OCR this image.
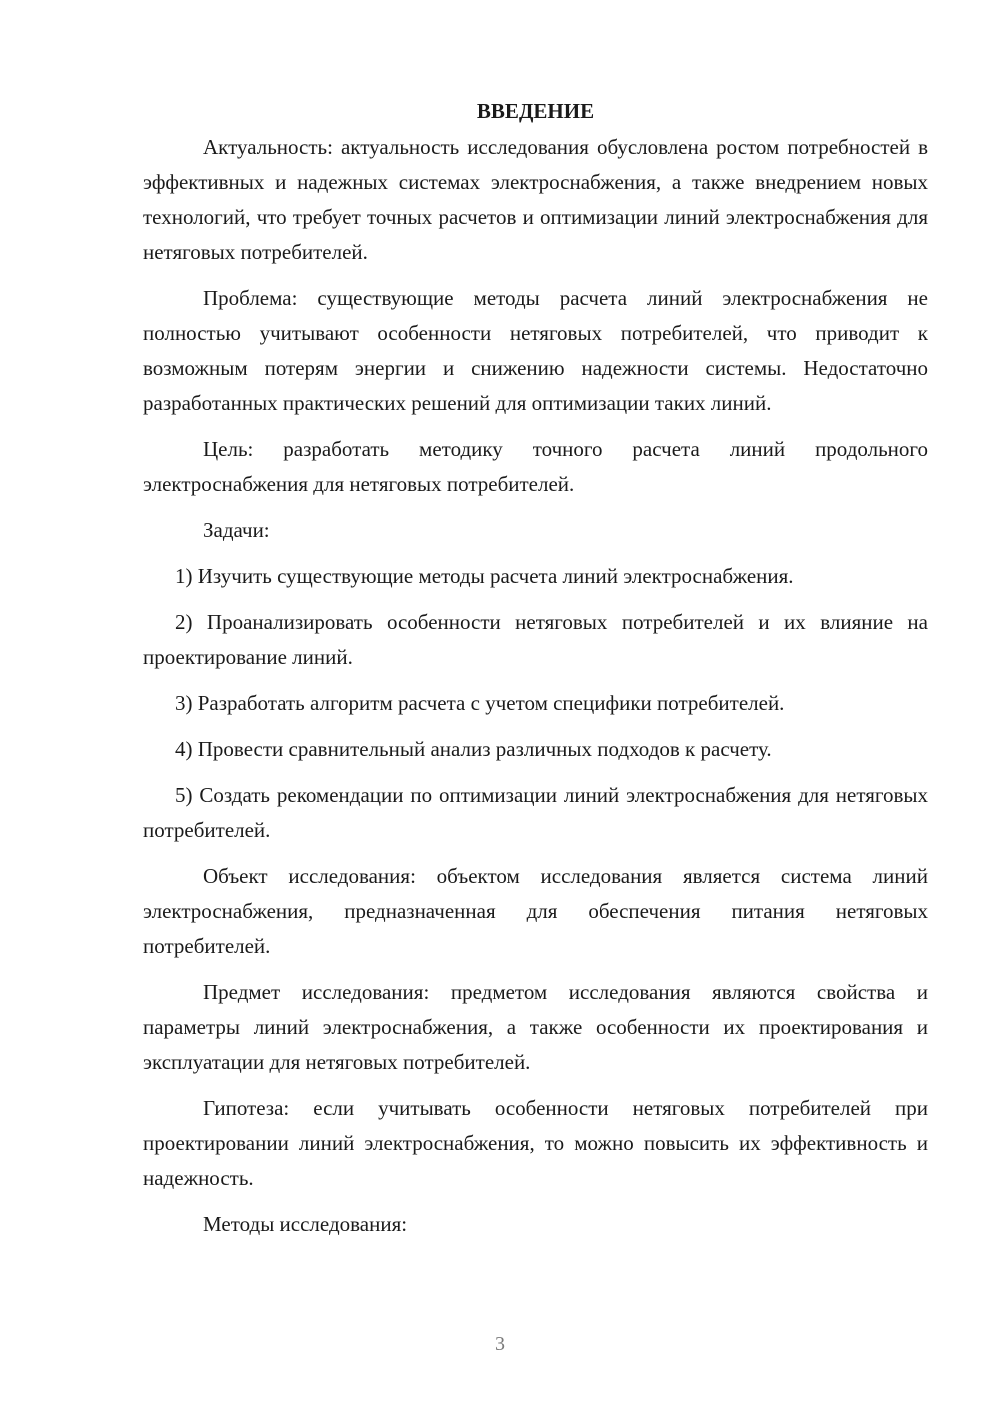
ВВЕДЕНИЕ

Актуальность: актуальность исследования обусловлена ростом потребностей в эффективных и надежных системах электроснабжения, а также внедрением новых технологий, что требует точных расчетов и оптимизации линий электроснабжения для нетяговых потребителей.

Проблема: существующие методы расчета линий электроснабжения не полностью учитывают особенности нетяговых потребителей, что приводит к возможным потерям энергии и снижению надежности системы. Недостаточно разработанных практических решений для оптимизации таких линий.

Цель: разработать методику точного расчета линий продольного электроснабжения для нетяговых потребителей.

Задачи:

1) Изучить существующие методы расчета линий электроснабжения.

2) Проанализировать особенности нетяговых потребителей и их влияние на проектирование линий.

3) Разработать алгоритм расчета с учетом специфики потребителей.

4) Провести сравнительный анализ различных подходов к расчету.

5) Создать рекомендации по оптимизации линий электроснабжения для нетяговых потребителей.

Объект исследования: объектом исследования является система линий электроснабжения, предназначенная для обеспечения питания нетяговых потребителей.

Предмет исследования: предметом исследования являются свойства и параметры линий электроснабжения, а также особенности их проектирования и эксплуатации для нетяговых потребителей.

Гипотеза: если учитывать особенности нетяговых потребителей при проектировании линий электроснабжения, то можно повысить их эффективность и надежность.

Методы исследования:

3
